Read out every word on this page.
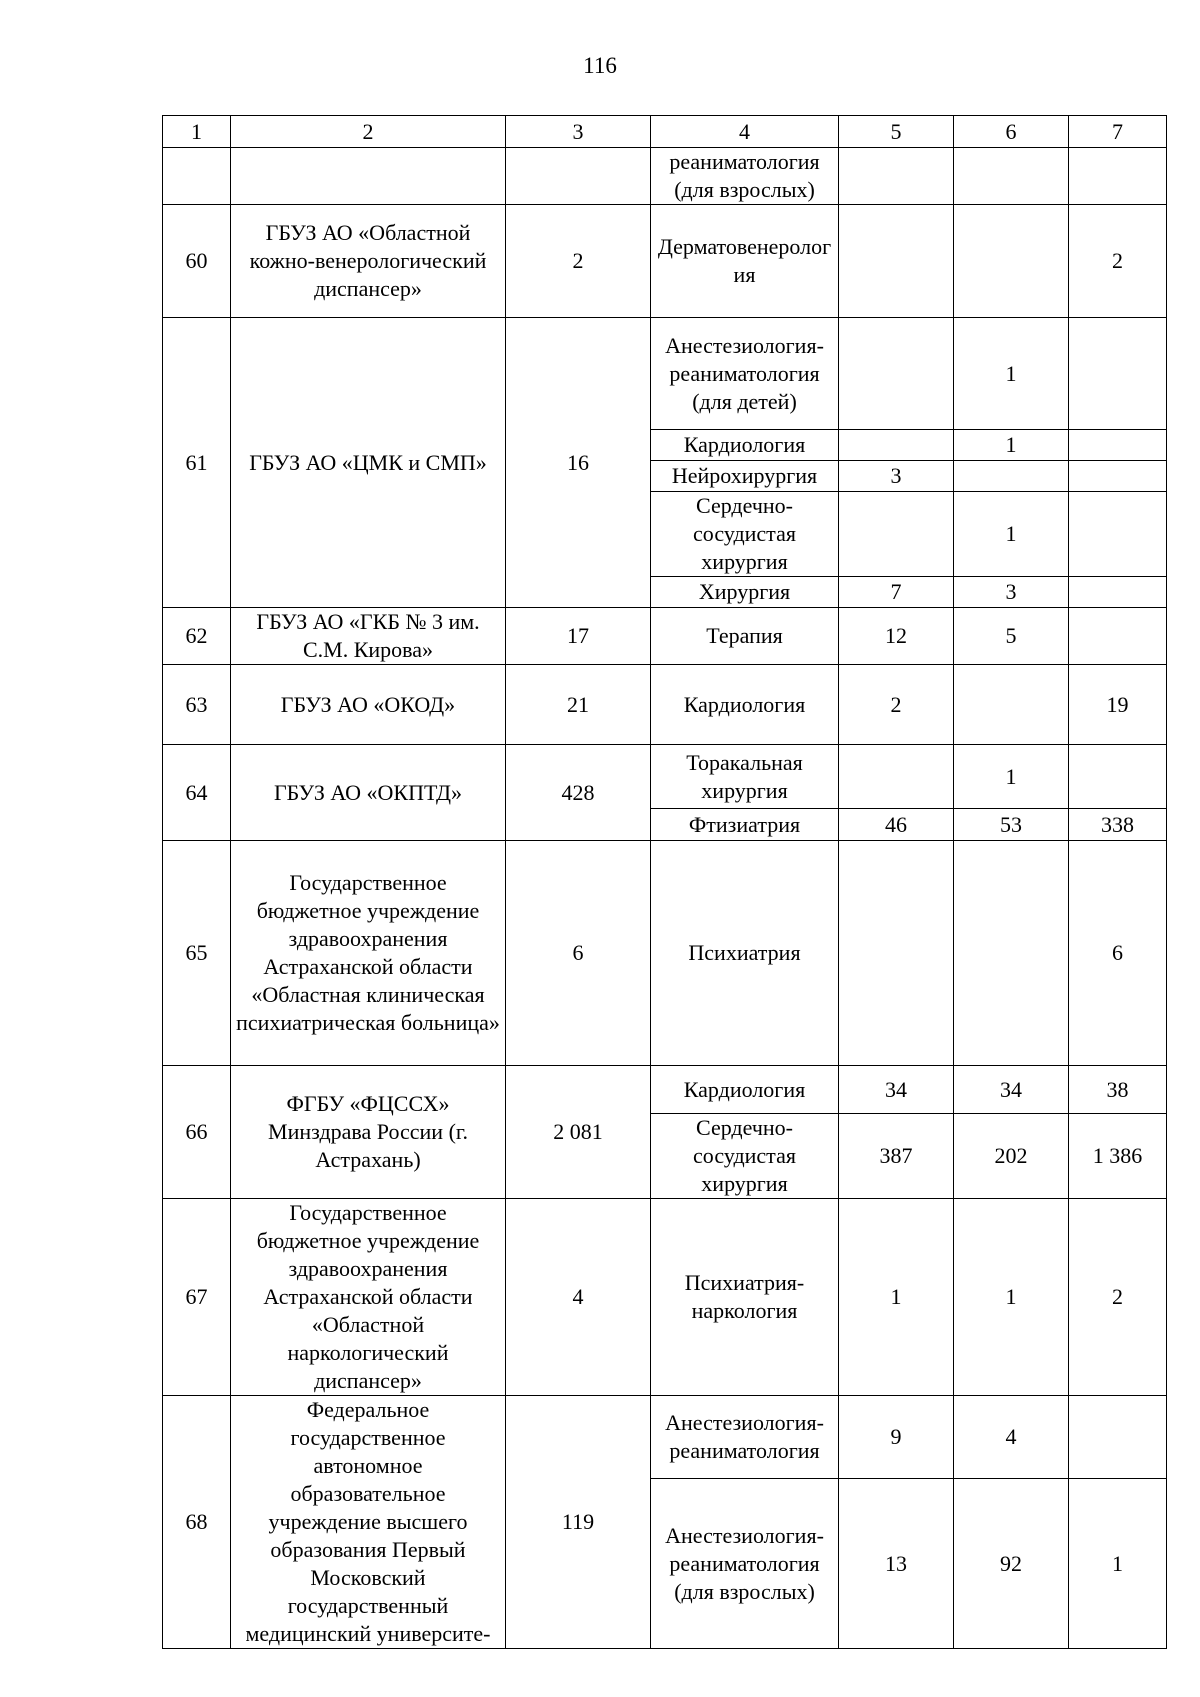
116
1	2	3	4	5	6	7
			реаниматология (для взрослых)			
60	ГБУЗ АО «Областной кожно-венерологический диспансер»	2	Дерматовенерология			2
61	ГБУЗ АО «ЦМК и СМП»	16	Анестезиология-реаниматология (для детей)		1	
			Кардиология		1	
			Нейрохирургия	3		
			Сердечно-сосудистая хирургия		1	
			Хирургия	7	3	
62	ГБУЗ АО «ГКБ № 3 им. С.М. Кирова»	17	Терапия	12	5	
63	ГБУЗ АО «ОКОД»	21	Кардиология	2		19
64	ГБУЗ АО «ОКПТД»	428	Торакальная хирургия		1	
			Фтизиатрия	46	53	338
65	Государственное бюджетное учреждение здравоохранения Астраханской области «Областная клиническая психиатрическая больница»	6	Психиатрия			6
66	ФГБУ «ФЦССХ» Минздрава России (г. Астрахань)	2 081	Кардиология	34	34	38
			Сердечно-сосудистая хирургия	387	202	1 386
67	Государственное бюджетное учреждение здравоохранения Астраханской области «Областной наркологический диспансер»	4	Психиатрия-наркология	1	1	2
68	Федеральное государственное автономное образовательное учреждение высшего образования Первый Московский государственный медицинский университе-	119	Анестезиология-реаниматология	9	4	
			Анестезиология-реаниматология (для взрослых)	13	92	1
